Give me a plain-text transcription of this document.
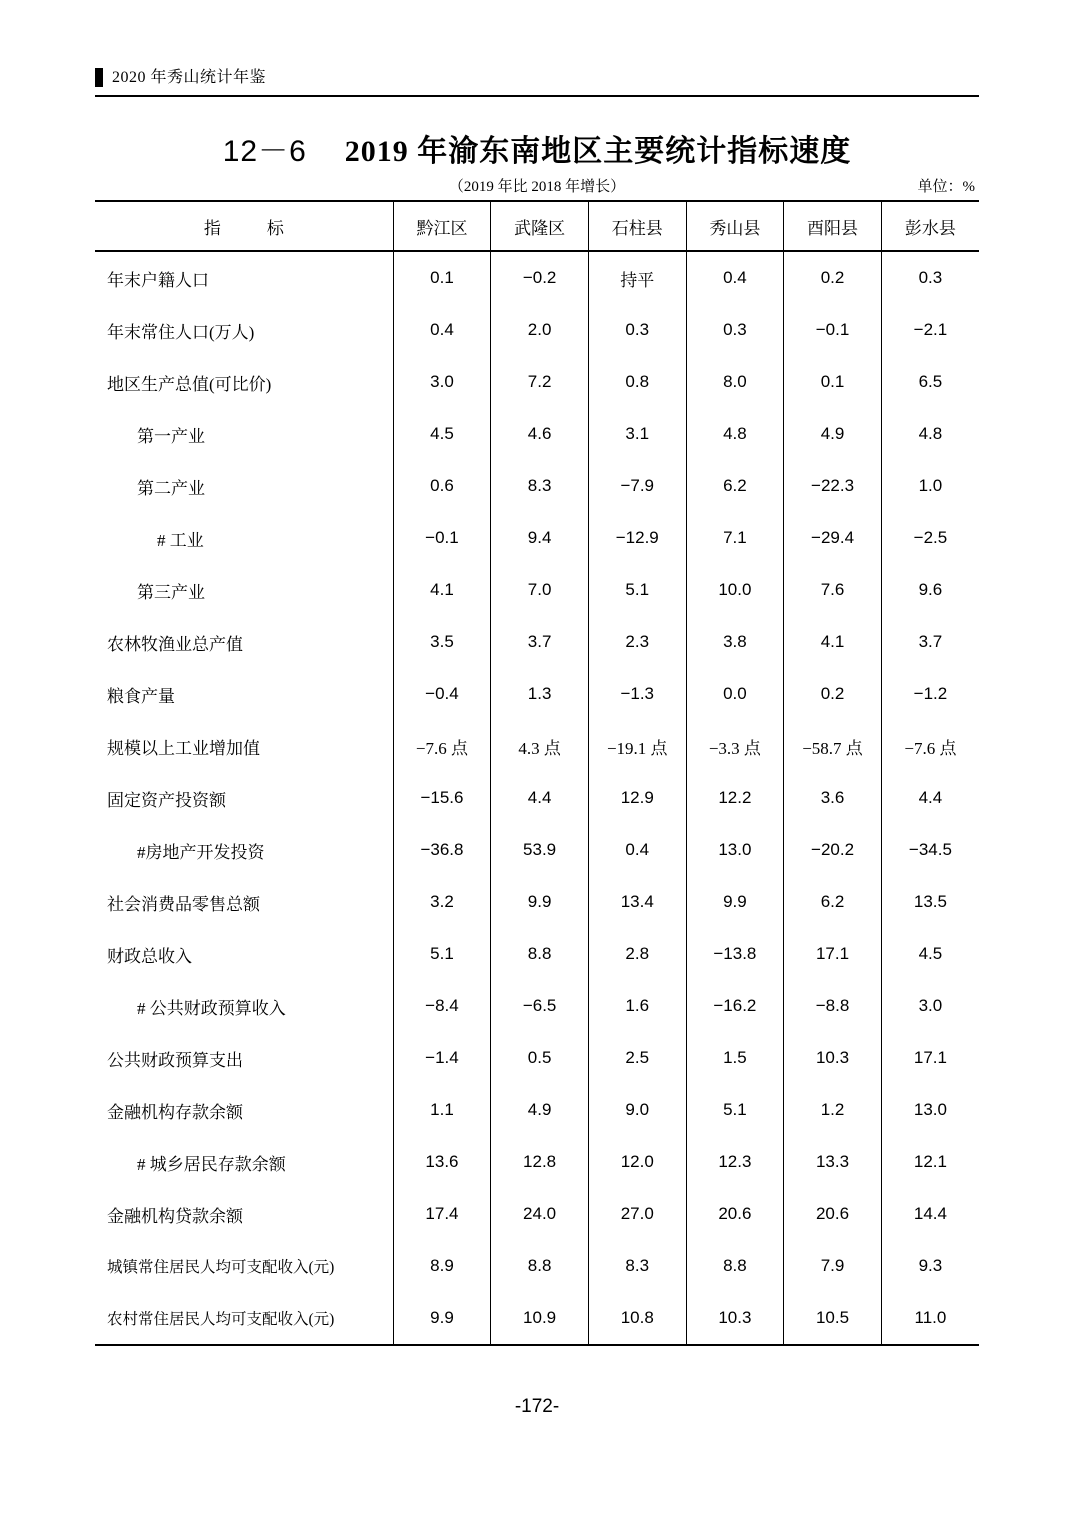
2020 年秀山统计年鉴
12－6 2019 年渝东南地区主要统计指标速度
（2019 年比 2018 年增长）	单位：%
指 标	黔江区	武隆区	石柱县	秀山县	酉阳县	彭水县
年末户籍人口	0.1	−0.2	持平	0.4	0.2	0.3
年末常住人口(万人)	0.4	2.0	0.3	0.3	−0.1	−2.1
地区生产总值(可比价)	3.0	7.2	0.8	8.0	0.1	6.5
第一产业	4.5	4.6	3.1	4.8	4.9	4.8
第二产业	0.6	8.3	−7.9	6.2	−22.3	1.0
# 工业	−0.1	9.4	−12.9	7.1	−29.4	−2.5
第三产业	4.1	7.0	5.1	10.0	7.6	9.6
农林牧渔业总产值	3.5	3.7	2.3	3.8	4.1	3.7
粮食产量	−0.4	1.3	−1.3	0.0	0.2	−1.2
规模以上工业增加值	−7.6 点	4.3 点	−19.1 点	−3.3 点	−58.7 点	−7.6 点
固定资产投资额	−15.6	4.4	12.9	12.2	3.6	4.4
#房地产开发投资	−36.8	53.9	0.4	13.0	−20.2	−34.5
社会消费品零售总额	3.2	9.9	13.4	9.9	6.2	13.5
财政总收入	5.1	8.8	2.8	−13.8	17.1	4.5
# 公共财政预算收入	−8.4	−6.5	1.6	−16.2	−8.8	3.0
公共财政预算支出	−1.4	0.5	2.5	1.5	10.3	17.1
金融机构存款余额	1.1	4.9	9.0	5.1	1.2	13.0
# 城乡居民存款余额	13.6	12.8	12.0	12.3	13.3	12.1
金融机构贷款余额	17.4	24.0	27.0	20.6	20.6	14.4
城镇常住居民人均可支配收入(元)	8.9	8.8	8.3	8.8	7.9	9.3
农村常住居民人均可支配收入(元)	9.9	10.9	10.8	10.3	10.5	11.0
-172-
